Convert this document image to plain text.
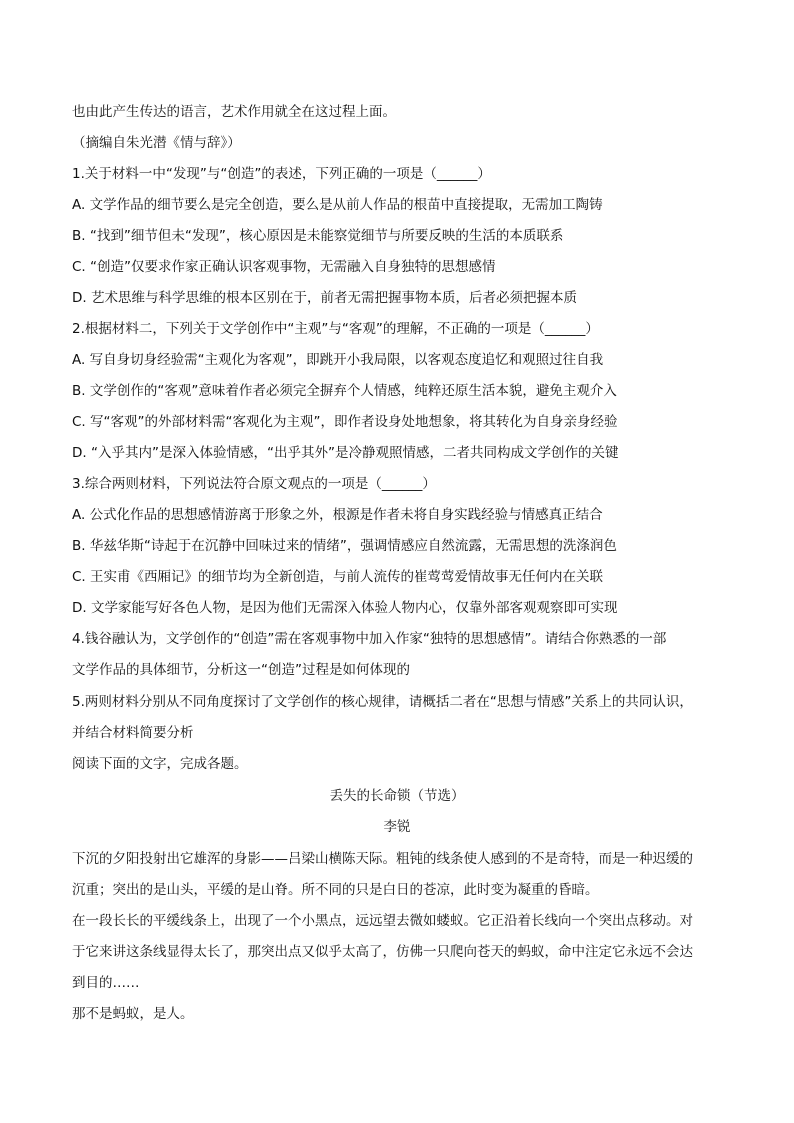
也由此产生传达的语言，艺术作用就全在这过程上面。
（摘编自朱光潜《情与辞》）
1.关于材料一中“发现”与“创造”的表述，下列正确的一项是（______）
A. 文学作品的细节要么是完全创造，要么是从前人作品的根苗中直接提取，无需加工陶铸
B. “找到”细节但未“发现”，核心原因是未能察觉细节与所要反映的生活的本质联系
C. “创造”仅要求作家正确认识客观事物，无需融入自身独特的思想感情
D. 艺术思维与科学思维的根本区别在于，前者无需把握事物本质，后者必须把握本质
2.根据材料二，下列关于文学创作中“主观”与“客观”的理解，不正确的一项是（______）
A. 写自身切身经验需“主观化为客观”，即跳开小我局限，以客观态度追忆和观照过往自我
B. 文学创作的“客观”意味着作者必须完全摒弃个人情感，纯粹还原生活本貌，避免主观介入
C. 写“客观”的外部材料需“客观化为主观”，即作者设身处地想象，将其转化为自身亲身经验
D. “入乎其内”是深入体验情感，“出乎其外”是冷静观照情感，二者共同构成文学创作的关键
3.综合两则材料，下列说法符合原文观点的一项是（______）
A. 公式化作品的思想感情游离于形象之外，根源是作者未将自身实践经验与情感真正结合
B. 华兹华斯“诗起于在沉静中回味过来的情绪”，强调情感应自然流露，无需思想的洗涤润色
C. 王实甫《西厢记》的细节均为全新创造，与前人流传的崔莺莺爱情故事无任何内在关联
D. 文学家能写好各色人物，是因为他们无需深入体验人物内心，仅靠外部客观观察即可实现
4.钱谷融认为，文学创作的“创造”需在客观事物中加入作家“独特的思想感情”。请结合你熟悉的一部
文学作品的具体细节，分析这一“创造”过程是如何体现的
5.两则材料分别从不同角度探讨了文学创作的核心规律，请概括二者在“思想与情感”关系上的共同认识，
并结合材料简要分析
阅读下面的文字，完成各题。
丢失的长命锁（节选）
李锐
下沉的夕阳投射出它雄浑的身影——吕梁山横陈天际。粗钝的线条使人感到的不是奇特，而是一种迟缓的
沉重；突出的是山头，平缓的是山脊。所不同的只是白日的苍凉，此时变为凝重的昏暗。
在一段长长的平缓线条上，出现了一个小黑点，远远望去微如蝼蚁。它正沿着长线向一个突出点移动。对
于它来讲这条线显得太长了，那突出点又似乎太高了，仿佛一只爬向苍天的蚂蚁，命中注定它永远不会达
到目的……
那不是蚂蚁，是人。
